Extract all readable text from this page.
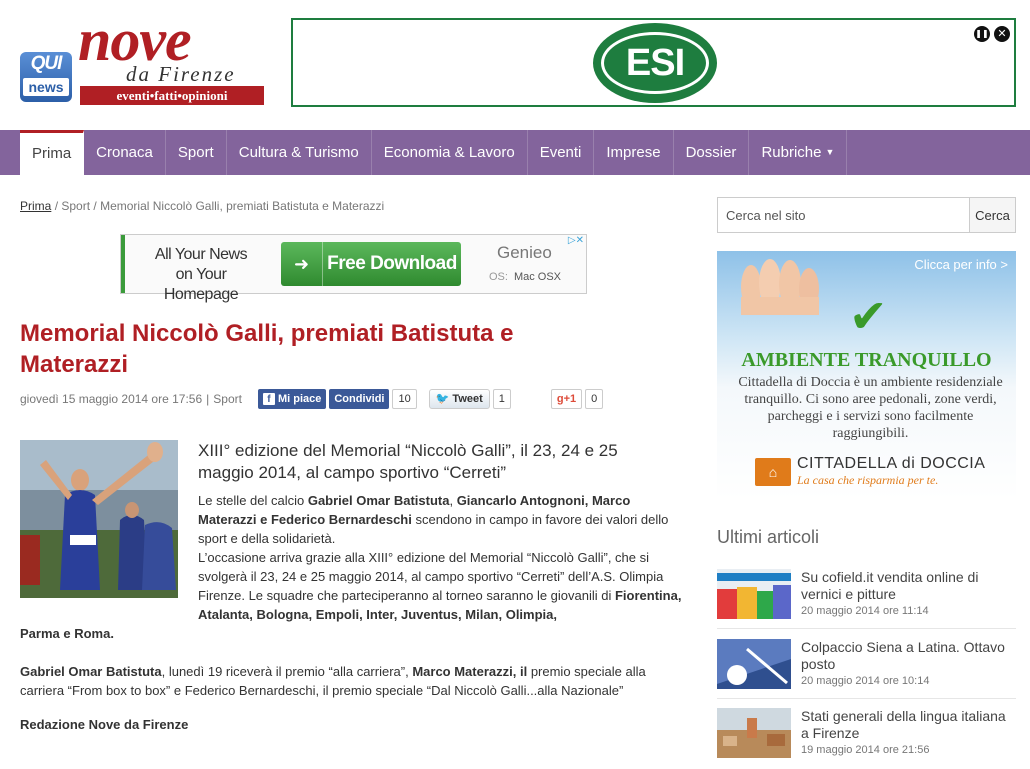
QUI
news
nove
da Firenze
eventi•fatti•opinioni
ESI
❚❚ ✕
Prima	Cronaca	Sport	Cultura & Turismo	Economia & Lavoro	Eventi	Imprese	Dossier	Rubriche ▼
Prima / Sport / Memorial Niccolò Galli, premiati Batistuta e Materazzi
All Your News
on Your Homepage
➜ Free Download
Genieo
OS: Mac OSX
▷✕
Memorial Niccolò Galli, premiati Batistuta e Materazzi
giovedì 15 maggio 2014 ore 17:56 | Sport	f Mi piace	Condividi	10	🐦 Tweet	1	g+1	0

XIII° edizione del Memorial “Niccolò Galli”, il 23, 24 e 25 maggio 2014, al campo sportivo “Cerreti”

Le stelle del calcio Gabriel Omar Batistuta, Giancarlo Antognoni, Marco Materazzi e Federico Bernardeschi scendono in campo in favore dei valori dello sport e della solidarietà.

L’occasione arriva grazie alla XIII° edizione del Memorial “Niccolò Galli”, che si svolgerà il 23, 24 e 25 maggio 2014, al campo sportivo “Cerreti” dell’A.S. Olimpia Firenze. Le squadre che parteciperanno al torneo saranno le giovanili di Fiorentina, Atalanta, Bologna, Empoli, Inter, Juventus, Milan, Olimpia,

Parma e Roma.

Gabriel Omar Batistuta, lunedì 19 riceverà il premio “alla carriera”, Marco Materazzi, il premio speciale alla carriera “From box to box” e Federico Bernardeschi, il premio speciale “Dal Niccolò Galli...alla Nazionale”

Redazione Nove da Firenze
Cerca nel sito
Cerca
Clicca per info >
✔
AMBIENTE TRANQUILLO
Cittadella di Doccia è un ambiente residenziale tranquillo. Ci sono aree pedonali, zone verdi, parcheggi e i servizi sono facilmente raggiungibili.
⌂	CITTADELLA di DOCCIA
La casa che risparmia per te.
Ultimi articoli
Su cofield.it vendita online di vernici e pitture
20 maggio 2014 ore 11:14
Colpaccio Siena a Latina. Ottavo posto
20 maggio 2014 ore 10:14
Stati generali della lingua italiana a Firenze
19 maggio 2014 ore 21:56
